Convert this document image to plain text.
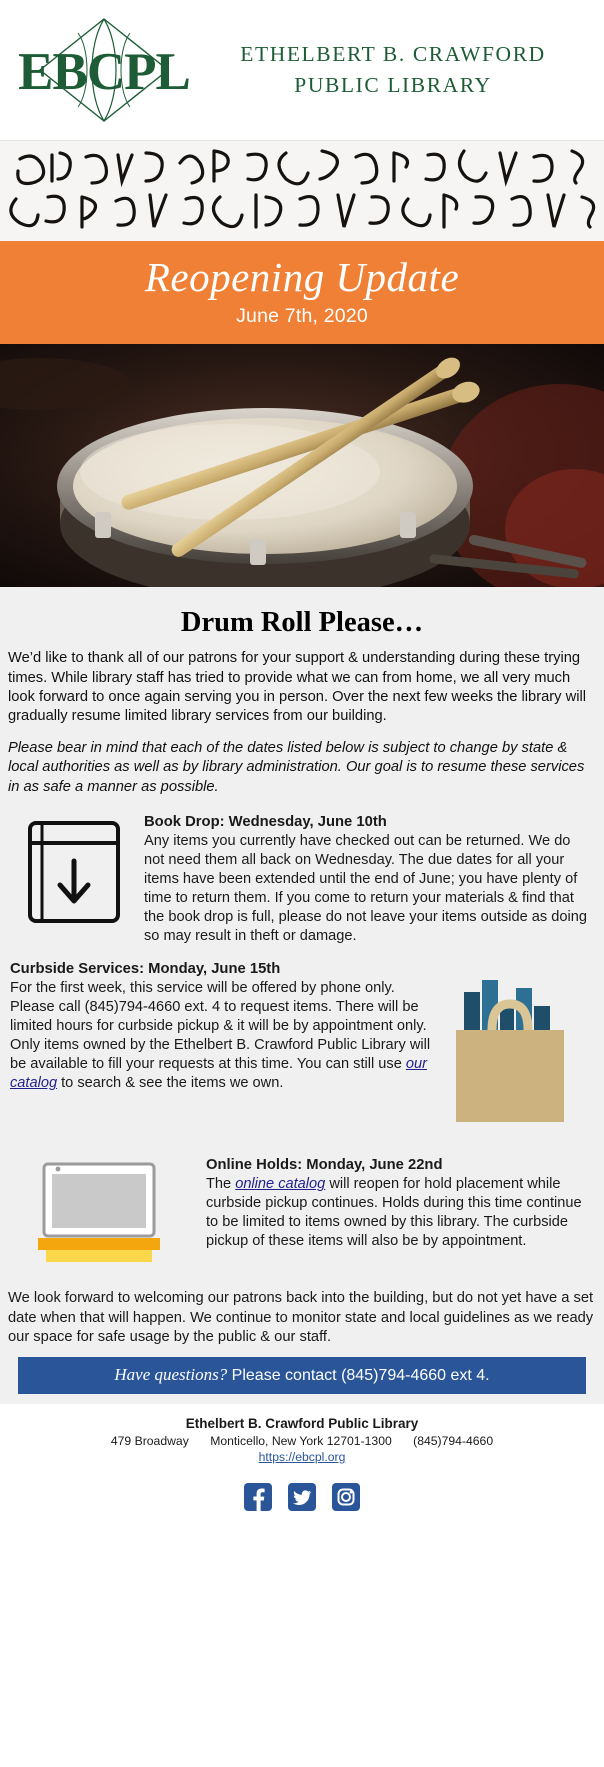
EBCPL	ETHELBERT B. CRAWFORD
PUBLIC LIBRARY
Reopening Update
June 7th, 2020
Drum Roll Please…

We’d like to thank all of our patrons for your support & understanding during these trying times. While library staff has tried to provide what we can from home, we all very much look forward to once again serving you in person. Over the next few weeks the library will gradually resume limited library services from our building.

Please bear in mind that each of the dates listed below is subject to change by state & local authorities as well as by library administration. Our goal is to resume these services in as safe a manner as possible.

Book Drop: Wednesday, June 10th
Any items you currently have checked out can be returned. We do not need them all back on Wednesday. The due dates for all your items have been extended until the end of June; you have plenty of time to return them. If you come to return your materials & find that the book drop is full, please do not leave your items outside as doing so may result in theft or damage.
Curbside Services: Monday, June 15th
For the first week, this service will be offered by phone only. Please call (845)794-4660 ext. 4 to request items. There will be limited hours for curbside pickup & it will be by appointment only. Only items owned by the Ethelbert B. Crawford Public Library will be available to fill your requests at this time. You can still use our catalog to search & see the items we own.
Online Holds: Monday, June 22nd
The online catalog will reopen for hold placement while curbside pickup continues. Holds during this time continue to be limited to items owned by this library. The curbside pickup of these items will also be by appointment.

We look forward to welcoming our patrons back into the building, but do not yet have a set date when that will happen. We continue to monitor state and local guidelines as we ready our space for safe usage by the public & our staff.

Have questions? Please contact (845)794-4660 ext 4.
Ethelbert B. Crawford Public Library
479 Broadway Monticello, New York 12701-1300 (845)794-4660
https://ebcpl.org
